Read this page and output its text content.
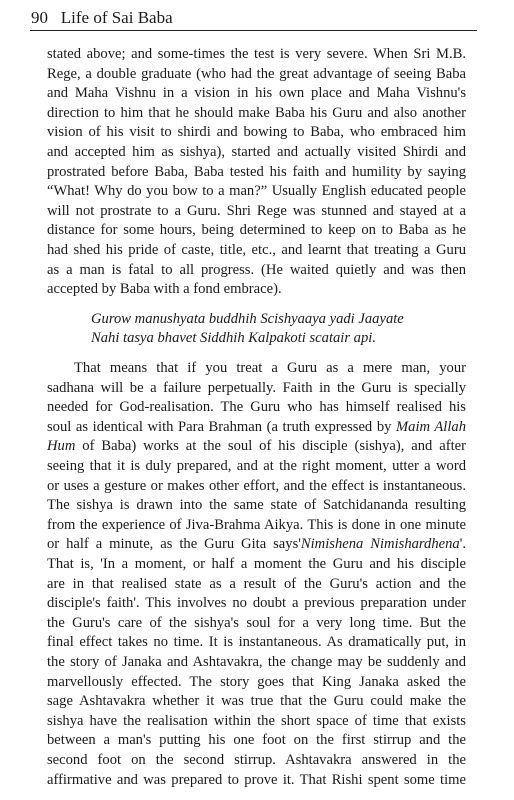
90 Life of Sai Baba
stated above; and some-times the test is very severe. When Sri M.B.
Rege, a double graduate (who had the great advantage of seeing Baba
and Maha Vishnu in a vision in his own place and Maha Vishnu's
direction to him that he should make Baba his Guru and also another
vision of his visit to shirdi and bowing to Baba, who embraced him
and accepted him as sishya), started and actually visited Shirdi and
prostrated before Baba, Baba tested his faith and humility by saying
“What! Why do you bow to a man?” Usually English educated people
will not prostrate to a Guru. Shri Rege was stunned and stayed at a
distance for some hours, being determined to keep on to Baba as he
had shed his pride of caste, title, etc., and learnt that treating a Guru
as a man is fatal to all progress. (He waited quietly and was then
accepted by Baba with a fond embrace).
Gurow manushyata buddhih Scishyaaya yadi Jaayate
Nahi tasya bhavet Siddhih Kalpakoti scatair api.
That means that if you treat a Guru as a mere man, your
sadhana will be a failure perpetually. Faith in the Guru is specially
needed for God-realisation. The Guru who has himself realised his
soul as identical with Para Brahman (a truth expressed by Maim Allah
Hum of Baba) works at the soul of his disciple (sishya), and after
seeing that it is duly prepared, and at the right moment, utter a word
or uses a gesture or makes other effort, and the effect is instantaneous.
The sishya is drawn into the same state of Satchidananda resulting
from the experience of Jiva-Brahma Aikya. This is done in one minute
or half a minute, as the Guru Gita says'Nimishena Nimishardhena'.
That is, 'In a moment, or half a moment the Guru and his disciple
are in that realised state as a result of the Guru's action and the
disciple's faith'. This involves no doubt a previous preparation under
the Guru's care of the sishya's soul for a very long time. But the
final effect takes no time. It is instantaneous. As dramatically put, in
the story of Janaka and Ashtavakra, the change may be suddenly and
marvellously effected. The story goes that King Janaka asked the
sage Ashtavakra whether it was true that the Guru could make the
sishya have the realisation within the short space of time that exists
between a man's putting his one foot on the first stirrup and the
second foot on the second stirrup. Ashtavakra answered in the
affirmative and was prepared to prove it. That Rishi spent some time
